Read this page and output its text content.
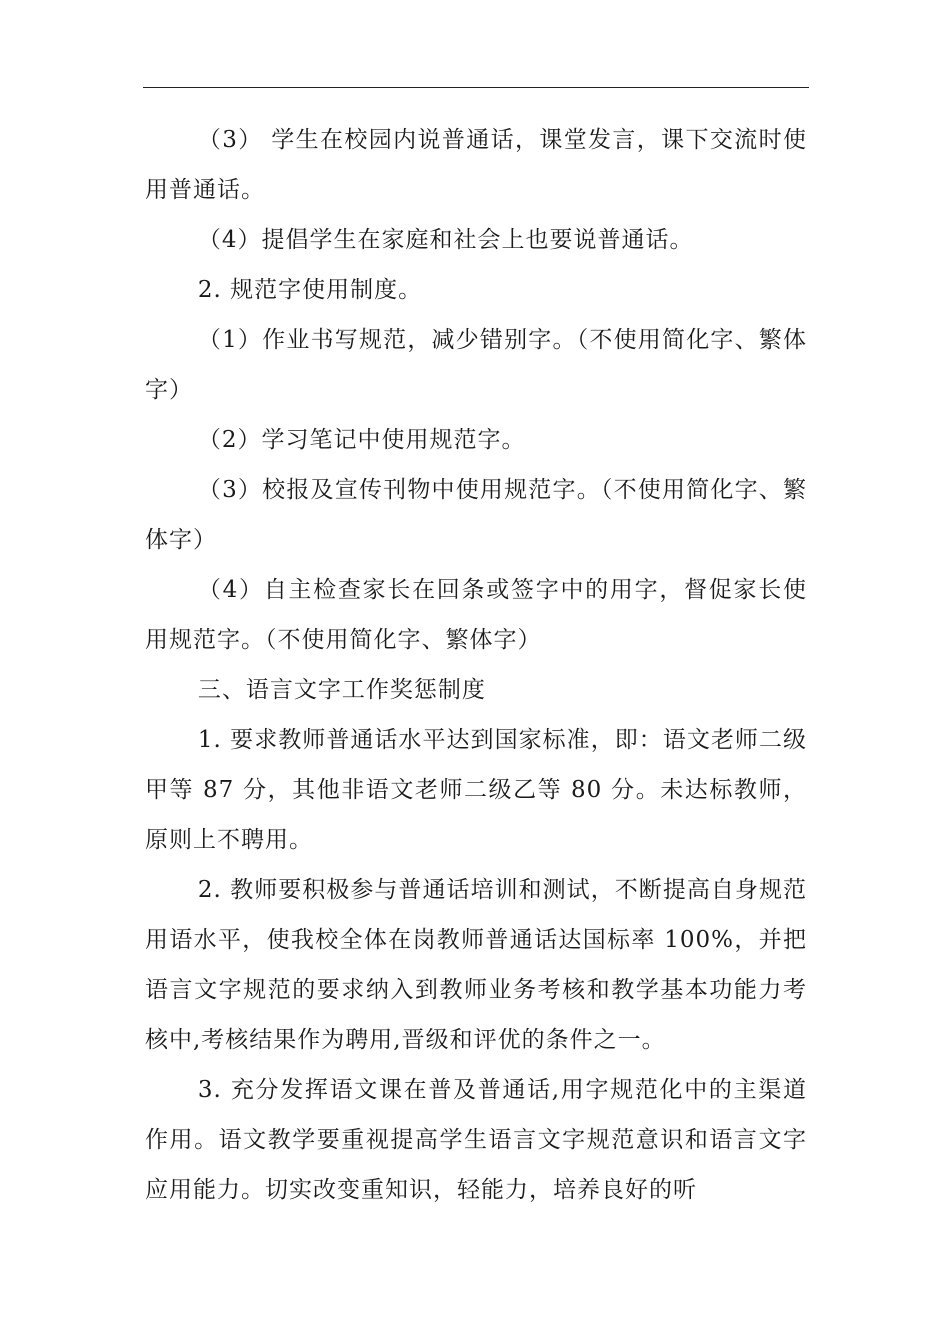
（3） 学生在校园内说普通话，课堂发言，课下交流时使用普通话。

（4）提倡学生在家庭和社会上也要说普通话。

2. 规范字使用制度。

（1）作业书写规范，减少错别字。（不使用简化字、繁体字）

（2）学习笔记中使用规范字。

（3）校报及宣传刊物中使用规范字。（不使用简化字、繁体字）

（4）自主检查家长在回条或签字中的用字，督促家长使用规范字。（不使用简化字、繁体字）

三、语言文字工作奖惩制度

1. 要求教师普通话水平达到国家标准，即：语文老师二级甲等 87 分，其他非语文老师二级乙等 80 分。未达标教师，原则上不聘用。

2. 教师要积极参与普通话培训和测试，不断提高自身规范用语水平，使我校全体在岗教师普通话达国标率 100%，并把语言文字规范的要求纳入到教师业务考核和教学基本功能力考核中,考核结果作为聘用,晋级和评优的条件之一。

3. 充分发挥语文课在普及普通话,用字规范化中的主渠道作用。语文教学要重视提高学生语言文字规范意识和语言文字应用能力。切实改变重知识，轻能力，培养良好的听
